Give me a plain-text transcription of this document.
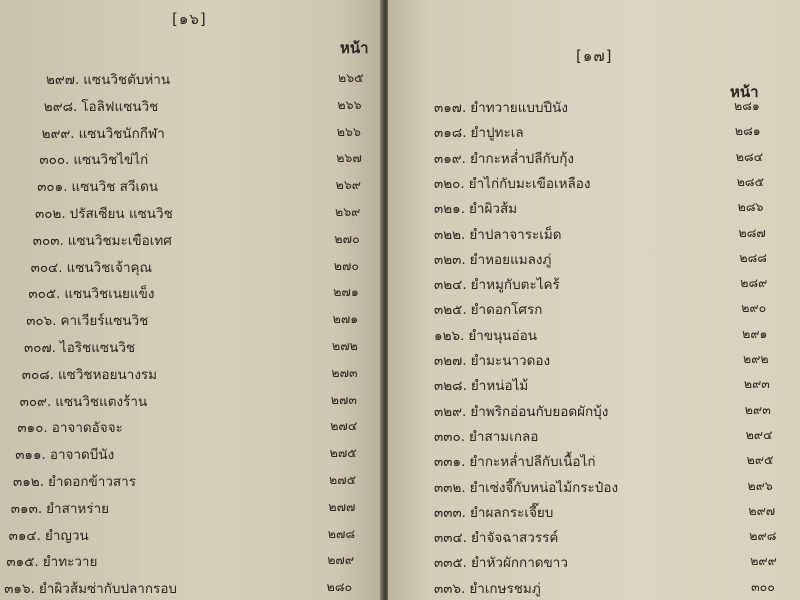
[๑๖]
หน้า
๒๙๗. แซนวิชตับห่าน	๒๖๕
๒๙๘. โอลิฟแซนวิช	๒๖๖
๒๙๙. แซนวิชนักกีฬา	๒๖๖
๓๐๐. แซนวิชไข่ไก่	๒๖๗
๓๐๑. แซนวิช สวีเดน	๒๖๙
๓๐๒. ปรัสเซียน แซนวิช	๒๖๙
๓๐๓. แซนวิชมะเขือเทศ	๒๗๐
๓๐๔. แซนวิชเจ้าคุณ	๒๗๐
๓๐๕. แซนวิชเนยแข็ง	๒๗๑
๓๐๖. คาเวียร์แซนวิช	๒๗๑
๓๐๗. ไอริชแซนวิช	๒๗๒
๓๐๘. แซวิชหอยนางรม	๒๗๓
๓๐๙. แซนวิชแตงร้าน	๒๗๓
๓๑๐. อาจาดอัจจะ	๒๗๔
๓๑๑. อาจาดบีนัง	๒๗๕
๓๑๒. ยำดอกข้าวสาร	๒๗๕
๓๑๓. ยำสาหร่าย	๒๗๗
๓๑๔. ยำญวน	๒๗๘
๓๑๕. ยำทะวาย	๒๗๙
๓๑๖. ยำผิวส้มซ่ากับปลากรอบ	๒๘๐
[๑๗]
หน้า
๓๑๗. ยำทวายแบบปีนัง	๒๘๑
๓๑๘. ยำปูทะเล	๒๘๑
๓๑๙. ยำกะหล่ำปลีกับกุ้ง	๒๘๔
๓๒๐. ยำไก่กับมะเขือเหลือง	๒๘๕
๓๒๑. ยำผิวส้ม	๒๘๖
๓๒๒. ยำปลาจาระเม็ด	๒๘๗
๓๒๓. ยำหอยแมลงภู่	๒๘๘
๓๒๔. ยำหมูกับตะไคร้	๒๘๙
๓๒๕. ยำดอกโศรก	๒๙๐
๑๒๖. ยำขนุนอ่อน	๒๙๑
๓๒๗. ยำมะนาวดอง	๒๙๒
๓๒๘. ยำหน่อไม้	๒๙๓
๓๒๙. ยำพริกอ่อนกับยอดผักบุ้ง	๒๙๓
๓๓๐. ยำสามเกลอ	๒๙๔
๓๓๑. ยำกะหล่ำปลีกับเนื้อไก่	๒๙๕
๓๓๒. ยำเซ่งจี๊กับหน่อไม้กระป๋อง	๒๙๖
๓๓๓. ยำผลกระเจี๊ยบ	๒๙๗
๓๓๔. ยำจัจฉาสวรรค์	๒๙๘
๓๓๕. ยำหัวผักกาดขาว	๒๙๙
๓๓๖. ยำเกษรชมภู่	๓๐๐
